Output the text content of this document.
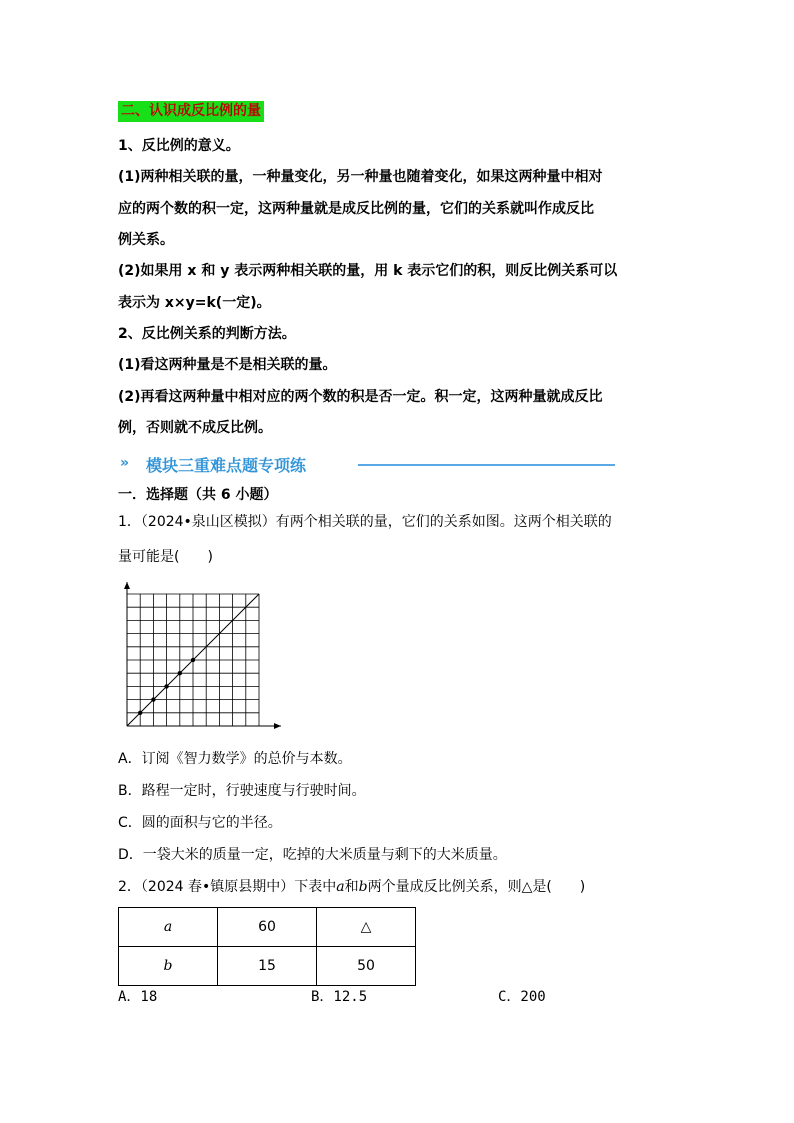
二、认识成反比例的量
1、反比例的意义。
(1)两种相关联的量，一种量变化，另一种量也随着变化，如果这两种量中相对
应的两个数的积一定，这两种量就是成反比例的量，它们的关系就叫作成反比
例关系。
(2)如果用 x 和 y 表示两种相关联的量，用 k 表示它们的积，则反比例关系可以
表示为 x×y=k(一定)。
2、反比例关系的判断方法。
(1)看这两种量是不是相关联的量。
(2)再看这两种量中相对应的两个数的积是否一定。积一定，这两种量就成反比
例，否则就不成反比例。
» 模块三重难点题专项练
一．选择题（共 6 小题）
1．（2024•泉山区模拟）有两个相关联的量，它们的关系如图。这两个相关联的
量可能是(　　)
A．订阅《智力数学》的总价与本数。
B．路程一定时，行驶速度与行驶时间。
C．圆的面积与它的半径。
D．一袋大米的质量一定，吃掉的大米质量与剩下的大米质量。
2．（2024 春•镇原县期中）下表中a和b两个量成反比例关系，则△是(　　)
a	60	△
b	15	50
A．18	B．12.5	C．200
